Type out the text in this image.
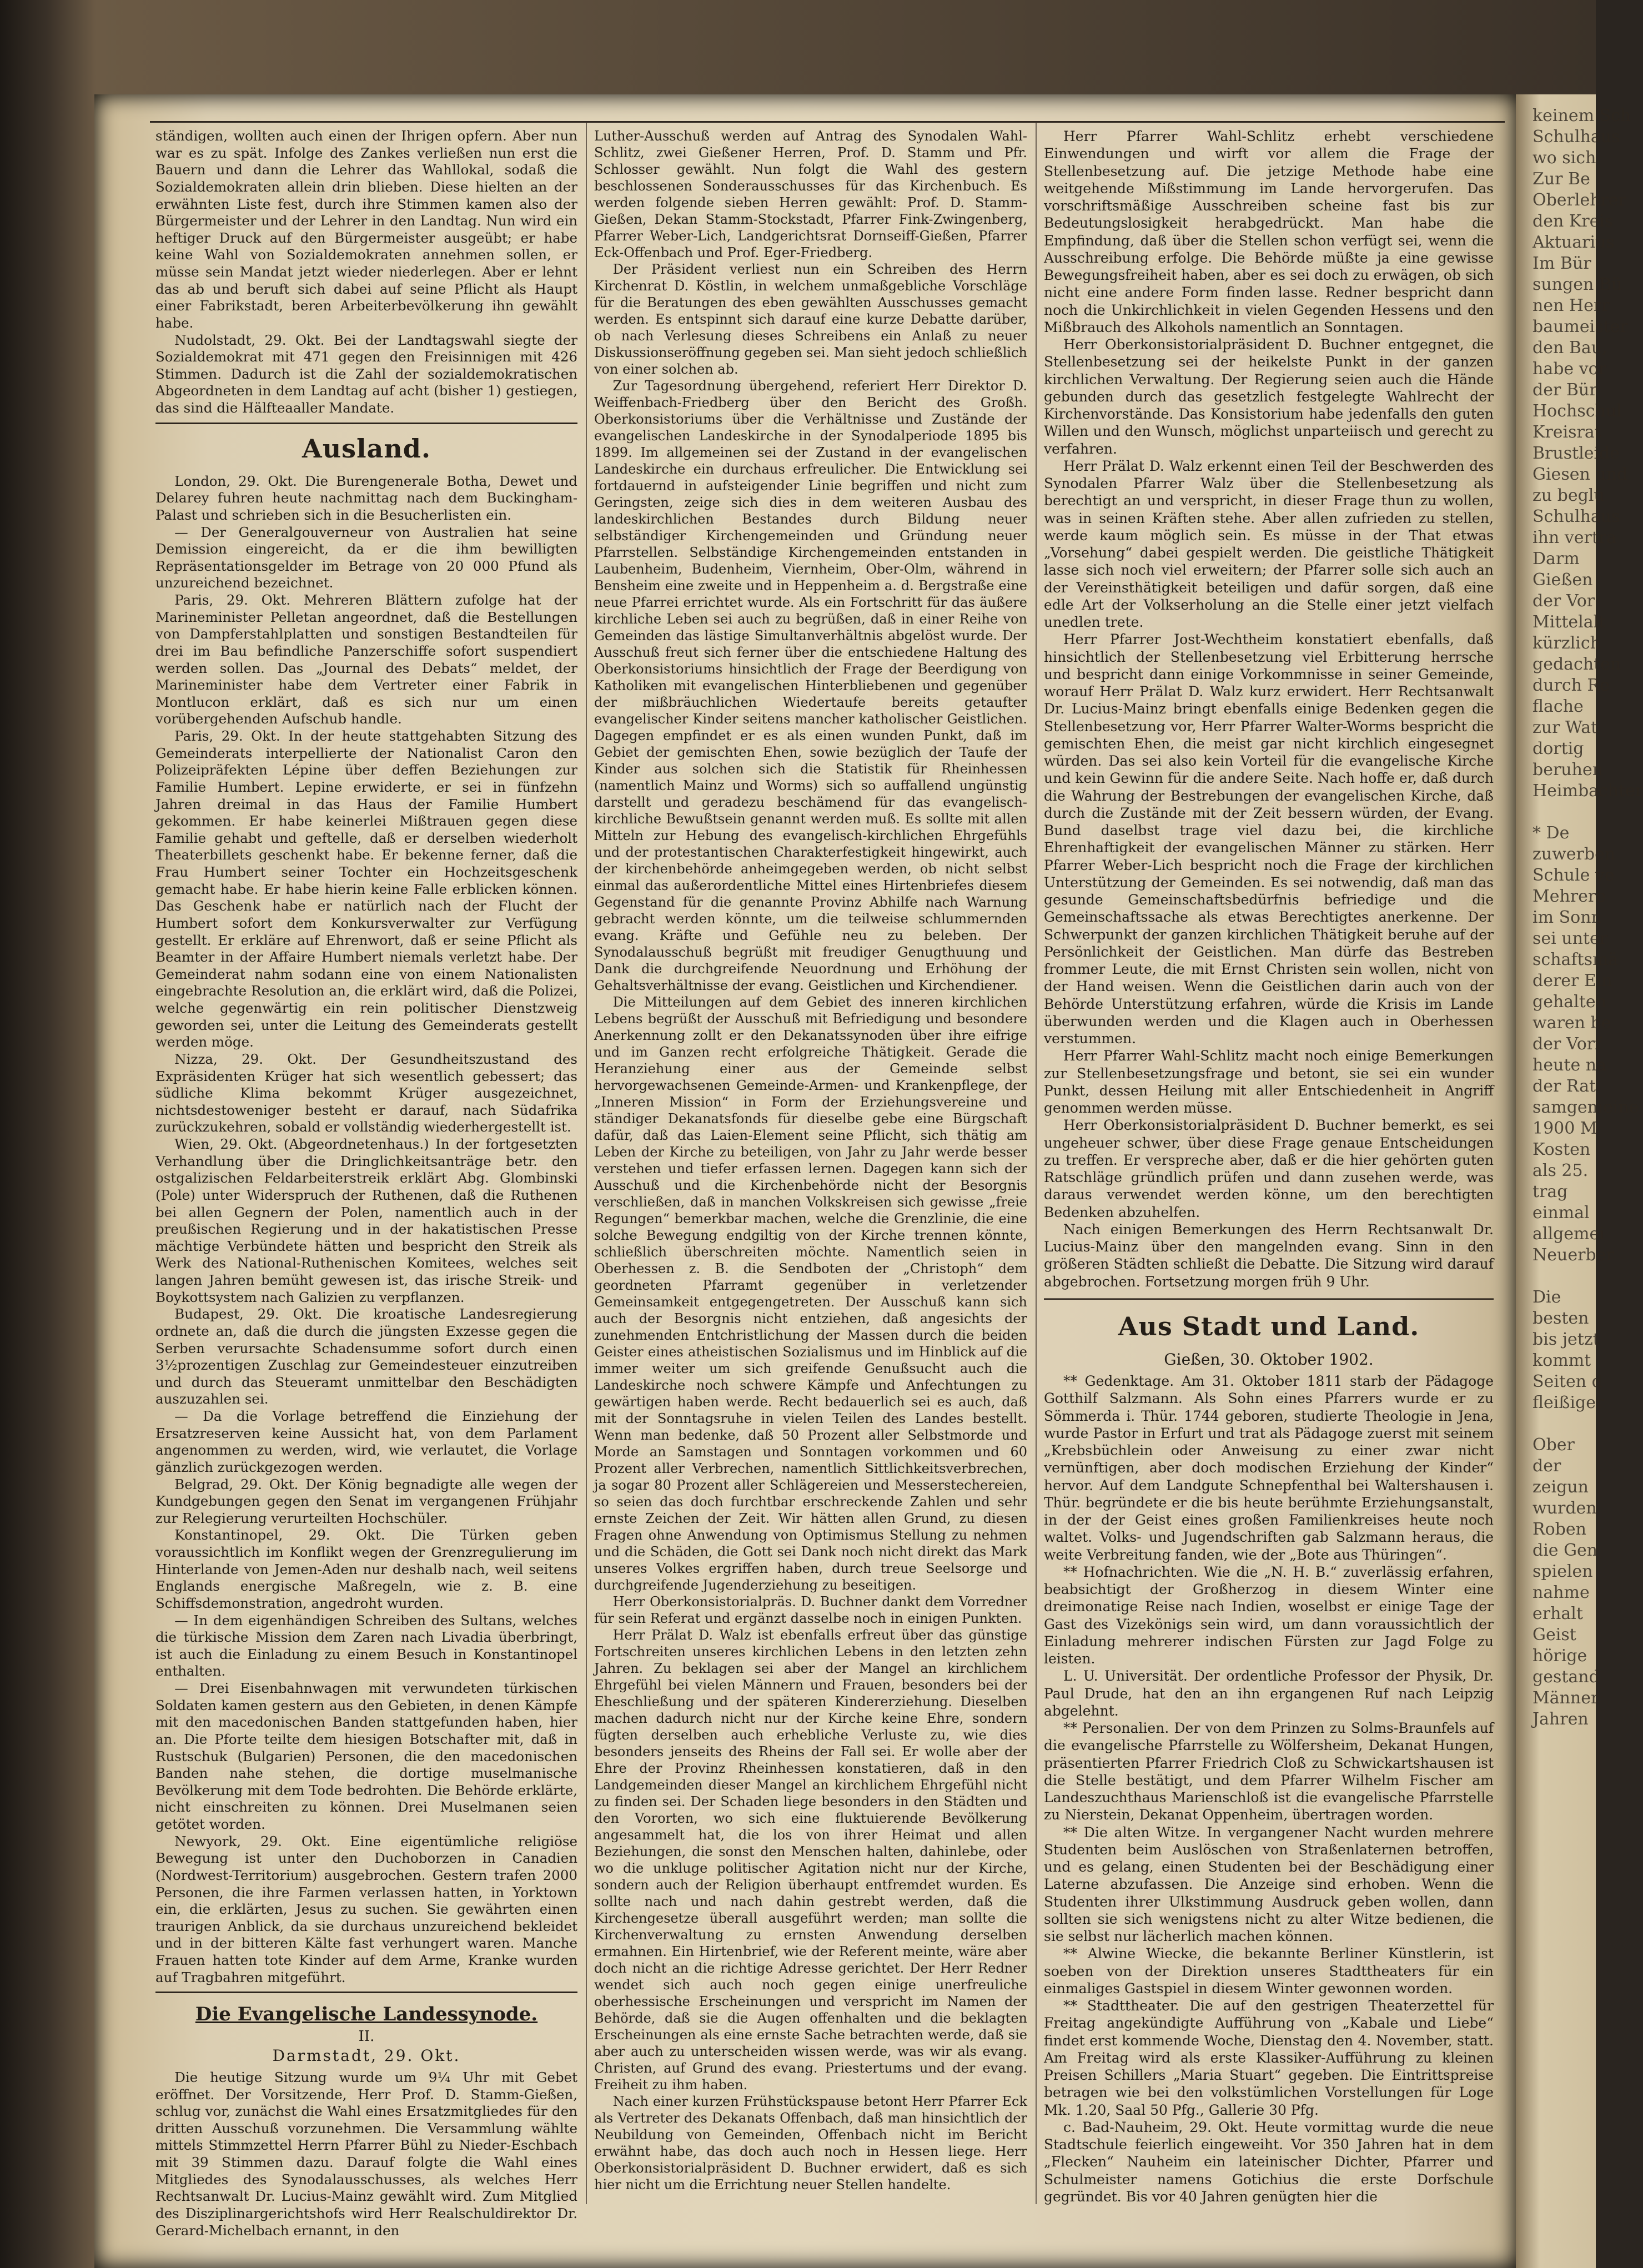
keinem Sch
Schulhaus
wo sich
Zur Be
Oberlehrer
den Kreis
Aktuarius
Im Bür
sungen Bü
nen Herr
baumeister
den Bau,
habe vor
der Bür
Hochschul
Kreisrat
Brustleide
Giesen und
zu beglü
Schulhaus
ihn vertra
Darm
Gießen
der Vor
Mittelalt
kürzlich
gedachten
durch Re
flache
zur Wat
dortig
beruhen
Heimbachter

* De
zuwerben
Schule ve
Mehrere
im Sonn
sei unter
schaftsmä
derer Ein
gehalten
waren be
der Vorf
heute na
der Rat
samgemeine
1900 M
Kosten
als 25.
trag
einmal
allgemei
Neuerber

Die
besten
bis jetzt
kommt
Seiten d
fleißiger

Ober
der
zeigun
wurden
Roben
die Gen
spielen
nahme
erhalt
Geist
hörige
gestand
Männer
Jahren

ständigen, wollten auch einen der Ihrigen opfern. Aber nun war es zu spät. Infolge des Zankes verließen nun erst die Bauern und dann die Lehrer das Wahllokal, sodaß die Sozialdemokraten allein drin blieben. Diese hielten an der erwähnten Liste fest, durch ihre Stimmen kamen also der Bürgermeister und der Lehrer in den Landtag. Nun wird ein heftiger Druck auf den Bürgermeister ausgeübt; er habe keine Wahl von Sozialdemokraten annehmen sollen, er müsse sein Mandat jetzt wieder niederlegen. Aber er lehnt das ab und beruft sich dabei auf seine Pflicht als Haupt einer Fabrikstadt, beren Arbeiterbevölkerung ihn gewählt habe.

Nudolstadt, 29. Okt. Bei der Landtagswahl siegte der Sozialdemokrat mit 471 gegen den Freisinnigen mit 426 Stimmen. Dadurch ist die Zahl der sozialdemokratischen Abgeordneten in dem Landtag auf acht (bisher 1) gestiegen, das sind die Hälfteaaller Mandate.

Ausland.

London, 29. Okt. Die Burengenerale Botha, Dewet und Delarey fuhren heute nachmittag nach dem Buckingham-Palast und schrieben sich in die Besucherlisten ein.

— Der Generalgouverneur von Australien hat seine Demission eingereicht, da er die ihm bewilligten Repräsentationsgelder im Betrage von 20 000 Pfund als unzureichend bezeichnet.

Paris, 29. Okt. Mehreren Blättern zufolge hat der Marineminister Pelletan angeordnet, daß die Bestellungen von Dampferstahlplatten und sonstigen Bestandteilen für drei im Bau befindliche Panzerschiffe sofort suspendiert werden sollen. Das „Journal des Debats“ meldet, der Marineminister habe dem Vertreter einer Fabrik in Montlucon erklärt, daß es sich nur um einen vorübergehenden Aufschub handle.

Paris, 29. Okt. In der heute stattgehabten Sitzung des Gemeinderats interpellierte der Nationalist Caron den Polizeipräfekten Lépine über deffen Beziehungen zur Familie Humbert. Lepine erwiderte, er sei in fünfzehn Jahren dreimal in das Haus der Familie Humbert gekommen. Er habe keinerlei Mißtrauen gegen diese Familie gehabt und geftelle, daß er derselben wiederholt Theaterbillets geschenkt habe. Er bekenne ferner, daß die Frau Humbert seiner Tochter ein Hochzeitsgeschenk gemacht habe. Er habe hierin keine Falle erblicken können. Das Geschenk habe er natürlich nach der Flucht der Humbert sofort dem Konkursverwalter zur Verfügung gestellt. Er erkläre auf Ehrenwort, daß er seine Pflicht als Beamter in der Affaire Humbert niemals verletzt habe. Der Gemeinderat nahm sodann eine von einem Nationalisten eingebrachte Resolution an, die erklärt wird, daß die Polizei, welche gegenwärtig ein rein politischer Dienstzweig geworden sei, unter die Leitung des Gemeinderats gestellt werden möge.

Nizza, 29. Okt. Der Gesundheitszustand des Expräsidenten Krüger hat sich wesentlich gebessert; das südliche Klima bekommt Krüger ausgezeichnet, nichtsdestoweniger besteht er darauf, nach Südafrika zurückzukehren, sobald er vollständig wiederhergestellt ist.

Wien, 29. Okt. (Abgeordnetenhaus.) In der fortgesetzten Verhandlung über die Dringlichkeitsanträge betr. den ostgalizischen Feldarbeiterstreik erklärt Abg. Glombinski (Pole) unter Widerspruch der Ruthenen, daß die Ruthenen bei allen Gegnern der Polen, namentlich auch in der preußischen Regierung und in der hakatistischen Presse mächtige Verbündete hätten und bespricht den Streik als Werk des National-Ruthenischen Komitees, welches seit langen Jahren bemüht gewesen ist, das irische Streik- und Boykottsystem nach Galizien zu verpflanzen.

Budapest, 29. Okt. Die kroatische Landesregierung ordnete an, daß die durch die jüngsten Exzesse gegen die Serben verursachte Schadensumme sofort durch einen 3½prozentigen Zuschlag zur Gemeindesteuer einzutreiben und durch das Steueramt unmittelbar den Beschädigten auszuzahlen sei.

— Da die Vorlage betreffend die Einziehung der Ersatzreserven keine Aussicht hat, von dem Parlament angenommen zu werden, wird, wie verlautet, die Vorlage gänzlich zurückgezogen werden.

Belgrad, 29. Okt. Der König begnadigte alle wegen der Kundgebungen gegen den Senat im vergangenen Frühjahr zur Relegierung verurteilten Hochschüler.

Konstantinopel, 29. Okt. Die Türken geben voraussichtlich im Konflikt wegen der Grenzregulierung im Hinterlande von Jemen-Aden nur deshalb nach, weil seitens Englands energische Maßregeln, wie z. B. eine Schiffsdemonstration, angedroht wurden.

— In dem eigenhändigen Schreiben des Sultans, welches die türkische Mission dem Zaren nach Livadia überbringt, ist auch die Einladung zu einem Besuch in Konstantinopel enthalten.

— Drei Eisenbahnwagen mit verwundeten türkischen Soldaten kamen gestern aus den Gebieten, in denen Kämpfe mit den macedonischen Banden stattgefunden haben, hier an. Die Pforte teilte dem hiesigen Botschafter mit, daß in Rustschuk (Bulgarien) Personen, die den macedonischen Banden nahe stehen, die dortige muselmanische Bevölkerung mit dem Tode bedrohten. Die Behörde erklärte, nicht einschreiten zu können. Drei Muselmanen seien getötet worden.

Newyork, 29. Okt. Eine eigentümliche religiöse Bewegung ist unter den Duchoborzen in Canadien (Nordwest-Territorium) ausgebrochen. Gestern trafen 2000 Personen, die ihre Farmen verlassen hatten, in Yorktown ein, die erklärten, Jesus zu suchen. Sie gewährten einen traurigen Anblick, da sie durchaus unzureichend bekleidet und in der bitteren Kälte fast verhungert waren. Manche Frauen hatten tote Kinder auf dem Arme, Kranke wurden auf Tragbahren mitgeführt.

Die Evangelische Landessynode.
II.
Darmstadt, 29. Okt.

Die heutige Sitzung wurde um 9¼ Uhr mit Gebet eröffnet. Der Vorsitzende, Herr Prof. D. Stamm-Gießen, schlug vor, zunächst die Wahl eines Ersatzmitgliedes für den dritten Ausschuß vorzunehmen. Die Versammlung wählte mittels Stimmzettel Herrn Pfarrer Bühl zu Nieder-Eschbach mit 39 Stimmen dazu. Darauf folgte die Wahl eines Mitgliedes des Synodalausschusses, als welches Herr Rechtsanwalt Dr. Lucius-Mainz gewählt wird. Zum Mitglied des Disziplinargerichtshofs wird Herr Realschuldirektor Dr. Gerard-Michelbach ernannt, in den

Luther-Ausschuß werden auf Antrag des Synodalen Wahl-Schlitz, zwei Gießener Herren, Prof. D. Stamm und Pfr. Schlosser gewählt. Nun folgt die Wahl des gestern beschlossenen Sonderausschusses für das Kirchenbuch. Es werden folgende sieben Herren gewählt: Prof. D. Stamm-Gießen, Dekan Stamm-Stockstadt, Pfarrer Fink-Zwingenberg, Pfarrer Weber-Lich, Landgerichtsrat Dornseiff-Gießen, Pfarrer Eck-Offenbach und Prof. Eger-Friedberg.

Der Präsident verliest nun ein Schreiben des Herrn Kirchenrat D. Köstlin, in welchem unmaßgebliche Vorschläge für die Beratungen des eben gewählten Ausschusses gemacht werden. Es entspinnt sich darauf eine kurze Debatte darüber, ob nach Verlesung dieses Schreibens ein Anlaß zu neuer Diskussionseröffnung gegeben sei. Man sieht jedoch schließlich von einer solchen ab.

Zur Tagesordnung übergehend, referiert Herr Direktor D. Weiffenbach-Friedberg über den Bericht des Großh. Oberkonsistoriums über die Verhältnisse und Zustände der evangelischen Landeskirche in der Synodalperiode 1895 bis 1899. Im allgemeinen sei der Zustand in der evangelischen Landeskirche ein durchaus erfreulicher. Die Entwicklung sei fortdauernd in aufsteigender Linie begriffen und nicht zum Geringsten, zeige sich dies in dem weiteren Ausbau des landeskirchlichen Bestandes durch Bildung neuer selbständiger Kirchengemeinden und Gründung neuer Pfarrstellen. Selbständige Kirchengemeinden entstanden in Laubenheim, Budenheim, Viernheim, Ober-Olm, während in Bensheim eine zweite und in Heppenheim a. d. Bergstraße eine neue Pfarrei errichtet wurde. Als ein Fortschritt für das äußere kirchliche Leben sei auch zu begrüßen, daß in einer Reihe von Gemeinden das lästige Simultanverhältnis abgelöst wurde. Der Ausschuß freut sich ferner über die entschiedene Haltung des Oberkonsistoriums hinsichtlich der Frage der Beerdigung von Katholiken mit evangelischen Hinterbliebenen und gegenüber der mißbräuchlichen Wiedertaufe bereits getaufter evangelischer Kinder seitens mancher katholischer Geistlichen. Dagegen empfindet er es als einen wunden Punkt, daß im Gebiet der gemischten Ehen, sowie bezüglich der Taufe der Kinder aus solchen sich die Statistik für Rheinhessen (namentlich Mainz und Worms) sich so auffallend ungünstig darstellt und geradezu beschämend für das evangelisch-kirchliche Bewußtsein genannt werden muß. Es sollte mit allen Mitteln zur Hebung des evangelisch-kirchlichen Ehrgefühls und der protestantischen Charakterfestigkeit hingewirkt, auch der kirchenbehörde anheimgegeben werden, ob nicht selbst einmal das außerordentliche Mittel eines Hirtenbriefes diesem Gegenstand für die genannte Provinz Abhilfe nach Warnung gebracht werden könnte, um die teilweise schlummernden evang. Kräfte und Gefühle neu zu beleben. Der Synodalausschuß begrüßt mit freudiger Genugthuung und Dank die durchgreifende Neuordnung und Erhöhung der Gehaltsverhältnisse der evang. Geistlichen und Kirchendiener.

Die Mitteilungen auf dem Gebiet des inneren kirchlichen Lebens begrüßt der Ausschuß mit Befriedigung und besondere Anerkennung zollt er den Dekanatssynoden über ihre eifrige und im Ganzen recht erfolgreiche Thätigkeit. Gerade die Heranziehung einer aus der Gemeinde selbst hervorgewachsenen Gemeinde-Armen- und Krankenpflege, der „Inneren Mission“ in Form der Erziehungsvereine und ständiger Dekanatsfonds für dieselbe gebe eine Bürgschaft dafür, daß das Laien-Element seine Pflicht, sich thätig am Leben der Kirche zu beteiligen, von Jahr zu Jahr werde besser verstehen und tiefer erfassen lernen. Dagegen kann sich der Ausschuß und die Kirchenbehörde nicht der Besorgnis verschließen, daß in manchen Volkskreisen sich gewisse „freie Regungen“ bemerkbar machen, welche die Grenzlinie, die eine solche Bewegung endgiltig von der Kirche trennen könnte, schließlich überschreiten möchte. Namentlich seien in Oberhessen z. B. die Sendboten der „Christoph“ dem geordneten Pfarramt gegenüber in verletzender Gemeinsamkeit entgegengetreten. Der Ausschuß kann sich auch der Besorgnis nicht entziehen, daß angesichts der zunehmenden Entchristlichung der Massen durch die beiden Geister eines atheistischen Sozialismus und im Hinblick auf die immer weiter um sich greifende Genußsucht auch die Landeskirche noch schwere Kämpfe und Anfechtungen zu gewärtigen haben werde. Recht bedauerlich sei es auch, daß mit der Sonntagsruhe in vielen Teilen des Landes bestellt. Wenn man bedenke, daß 50 Prozent aller Selbstmorde und Morde an Samstagen und Sonntagen vorkommen und 60 Prozent aller Verbrechen, namentlich Sittlichkeitsverbrechen, ja sogar 80 Prozent aller Schlägereien und Messerstechereien, so seien das doch furchtbar erschreckende Zahlen und sehr ernste Zeichen der Zeit. Wir hätten allen Grund, zu diesen Fragen ohne Anwendung von Optimismus Stellung zu nehmen und die Schäden, die Gott sei Dank noch nicht direkt das Mark unseres Volkes ergriffen haben, durch treue Seelsorge und durchgreifende Jugenderziehung zu beseitigen.

Herr Oberkonsistorialpräs. D. Buchner dankt dem Vorredner für sein Referat und ergänzt dasselbe noch in einigen Punkten.

Herr Prälat D. Walz ist ebenfalls erfreut über das günstige Fortschreiten unseres kirchlichen Lebens in den letzten zehn Jahren. Zu beklagen sei aber der Mangel an kirchlichem Ehrgefühl bei vielen Männern und Frauen, besonders bei der Eheschließung und der späteren Kindererziehung. Dieselben machen dadurch nicht nur der Kirche keine Ehre, sondern fügten derselben auch erhebliche Verluste zu, wie dies besonders jenseits des Rheins der Fall sei. Er wolle aber der Ehre der Provinz Rheinhessen konstatieren, daß in den Landgemeinden dieser Mangel an kirchlichem Ehrgefühl nicht zu finden sei. Der Schaden liege besonders in den Städten und den Vororten, wo sich eine fluktuierende Bevölkerung angesammelt hat, die los von ihrer Heimat und allen Beziehungen, die sonst den Menschen halten, dahinlebe, oder wo die unkluge politischer Agitation nicht nur der Kirche, sondern auch der Religion überhaupt entfremdet wurden. Es sollte nach und nach dahin gestrebt werden, daß die Kirchengesetze überall ausgeführt werden; man sollte die Kirchenverwaltung zu ernsten Anwendung derselben ermahnen. Ein Hirtenbrief, wie der Referent meinte, wäre aber doch nicht an die richtige Adresse gerichtet. Der Herr Redner wendet sich auch noch gegen einige unerfreuliche oberhessische Erscheinungen und verspricht im Namen der Behörde, daß sie die Augen offenhalten und die beklagten Erscheinungen als eine ernste Sache betrachten werde, daß sie aber auch zu unterscheiden wissen werde, was wir als evang. Christen, auf Grund des evang. Priestertums und der evang. Freiheit zu ihm haben.

Nach einer kurzen Frühstückspause betont Herr Pfarrer Eck als Vertreter des Dekanats Offenbach, daß man hinsichtlich der Neubildung von Gemeinden, Offenbach nicht im Bericht erwähnt habe, das doch auch noch in Hessen liege. Herr Oberkonsistorialpräsident D. Buchner erwidert, daß es sich hier nicht um die Errichtung neuer Stellen handelte.

Herr Pfarrer Wahl-Schlitz erhebt verschiedene Einwendungen und wirft vor allem die Frage der Stellenbesetzung auf. Die jetzige Methode habe eine weitgehende Mißstimmung im Lande hervorgerufen. Das vorschriftsmäßige Ausschreiben scheine fast bis zur Bedeutungslosigkeit herabgedrückt. Man habe die Empfindung, daß über die Stellen schon verfügt sei, wenn die Ausschreibung erfolge. Die Behörde müßte ja eine gewisse Bewegungsfreiheit haben, aber es sei doch zu erwägen, ob sich nicht eine andere Form finden lasse. Redner bespricht dann noch die Unkirchlichkeit in vielen Gegenden Hessens und den Mißbrauch des Alkohols namentlich an Sonntagen.

Herr Oberkonsistorialpräsident D. Buchner entgegnet, die Stellenbesetzung sei der heikelste Punkt in der ganzen kirchlichen Verwaltung. Der Regierung seien auch die Hände gebunden durch das gesetzlich festgelegte Wahlrecht der Kirchenvorstände. Das Konsistorium habe jedenfalls den guten Willen und den Wunsch, möglichst unparteiisch und gerecht zu verfahren.

Herr Prälat D. Walz erkennt einen Teil der Beschwerden des Synodalen Pfarrer Walz über die Stellenbesetzung als berechtigt an und verspricht, in dieser Frage thun zu wollen, was in seinen Kräften stehe. Aber allen zufrieden zu stellen, werde kaum möglich sein. Es müsse in der That etwas „Vorsehung“ dabei gespielt werden. Die geistliche Thätigkeit lasse sich noch viel erweitern; der Pfarrer solle sich auch an der Vereinsthätigkeit beteiligen und dafür sorgen, daß eine edle Art der Volkserholung an die Stelle einer jetzt vielfach unedlen trete.

Herr Pfarrer Jost-Wechtheim konstatiert ebenfalls, daß hinsichtlich der Stellenbesetzung viel Erbitterung herrsche und bespricht dann einige Vorkommnisse in seiner Gemeinde, worauf Herr Prälat D. Walz kurz erwidert. Herr Rechtsanwalt Dr. Lucius-Mainz bringt ebenfalls einige Bedenken gegen die Stellenbesetzung vor, Herr Pfarrer Walter-Worms bespricht die gemischten Ehen, die meist gar nicht kirchlich eingesegnet würden. Das sei also kein Vorteil für die evangelische Kirche und kein Gewinn für die andere Seite. Nach hoffe er, daß durch die Wahrung der Bestrebungen der evangelischen Kirche, daß durch die Zustände mit der Zeit bessern würden, der Evang. Bund daselbst trage viel dazu bei, die kirchliche Ehrenhaftigkeit der evangelischen Männer zu stärken. Herr Pfarrer Weber-Lich bespricht noch die Frage der kirchlichen Unterstützung der Gemeinden. Es sei notwendig, daß man das gesunde Gemeinschaftsbedürfnis befriedige und die Gemeinschaftssache als etwas Berechtigtes anerkenne. Der Schwerpunkt der ganzen kirchlichen Thätigkeit beruhe auf der Persönlichkeit der Geistlichen. Man dürfe das Bestreben frommer Leute, die mit Ernst Christen sein wollen, nicht von der Hand weisen. Wenn die Geistlichen darin auch von der Behörde Unterstützung erfahren, würde die Krisis im Lande überwunden werden und die Klagen auch in Oberhessen verstummen.

Herr Pfarrer Wahl-Schlitz macht noch einige Bemerkungen zur Stellenbesetzungsfrage und betont, sie sei ein wunder Punkt, dessen Heilung mit aller Entschiedenheit in Angriff genommen werden müsse.

Herr Oberkonsistorialpräsident D. Buchner bemerkt, es sei ungeheuer schwer, über diese Frage genaue Entscheidungen zu treffen. Er verspreche aber, daß er die hier gehörten guten Ratschläge gründlich prüfen und dann zusehen werde, was daraus verwendet werden könne, um den berechtigten Bedenken abzuhelfen.

Nach einigen Bemerkungen des Herrn Rechtsanwalt Dr. Lucius-Mainz über den mangelnden evang. Sinn in den größeren Städten schließt die Debatte. Die Sitzung wird darauf abgebrochen. Fortsetzung morgen früh 9 Uhr.

Aus Stadt und Land.
Gießen, 30. Oktober 1902.

** Gedenktage. Am 31. Oktober 1811 starb der Pädagoge Gotthilf Salzmann. Als Sohn eines Pfarrers wurde er zu Sömmerda i. Thür. 1744 geboren, studierte Theologie in Jena, wurde Pastor in Erfurt und trat als Pädagoge zuerst mit seinem „Krebsbüchlein oder Anweisung zu einer zwar nicht vernünftigen, aber doch modischen Erziehung der Kinder“ hervor. Auf dem Landgute Schnepfenthal bei Waltershausen i. Thür. begründete er die bis heute berühmte Erziehungsanstalt, in der der Geist eines großen Familienkreises heute noch waltet. Volks- und Jugendschriften gab Salzmann heraus, die weite Verbreitung fanden, wie der „Bote aus Thüringen“.

** Hofnachrichten. Wie die „N. H. B.“ zuverlässig erfahren, beabsichtigt der Großherzog in diesem Winter eine dreimonatige Reise nach Indien, woselbst er einige Tage der Gast des Vizekönigs sein wird, um dann voraussichtlich der Einladung mehrerer indischen Fürsten zur Jagd Folge zu leisten.

L. U. Universität. Der ordentliche Professor der Physik, Dr. Paul Drude, hat den an ihn ergangenen Ruf nach Leipzig abgelehnt.

** Personalien. Der von dem Prinzen zu Solms-Braunfels auf die evangelische Pfarrstelle zu Wölfersheim, Dekanat Hungen, präsentierten Pfarrer Friedrich Cloß zu Schwickartshausen ist die Stelle bestätigt, und dem Pfarrer Wilhelm Fischer am Landeszuchthaus Marienschloß ist die evangelische Pfarrstelle zu Nierstein, Dekanat Oppenheim, übertragen worden.

** Die alten Witze. In vergangener Nacht wurden mehrere Studenten beim Auslöschen von Straßenlaternen betroffen, und es gelang, einen Studenten bei der Beschädigung einer Laterne abzufassen. Die Anzeige sind erhoben. Wenn die Studenten ihrer Ulkstimmung Ausdruck geben wollen, dann sollten sie sich wenigstens nicht zu alter Witze bedienen, die sie selbst nur lächerlich machen können.

** Alwine Wiecke, die bekannte Berliner Künstlerin, ist soeben von der Direktion unseres Stadttheaters für ein einmaliges Gastspiel in diesem Winter gewonnen worden.

** Stadttheater. Die auf den gestrigen Theaterzettel für Freitag angekündigte Aufführung von „Kabale und Liebe“ findet erst kommende Woche, Dienstag den 4. November, statt. Am Freitag wird als erste Klassiker-Aufführung zu kleinen Preisen Schillers „Maria Stuart“ gegeben. Die Eintrittspreise betragen wie bei den volkstümlichen Vorstellungen für Loge Mk. 1.20, Saal 50 Pfg., Gallerie 30 Pfg.

c. Bad-Nauheim, 29. Okt. Heute vormittag wurde die neue Stadtschule feierlich eingeweiht. Vor 350 Jahren hat in dem „Flecken“ Nauheim ein lateinischer Dichter, Pfarrer und Schulmeister namens Gotichius die erste Dorfschule gegründet. Bis vor 40 Jahren genügten hier die
